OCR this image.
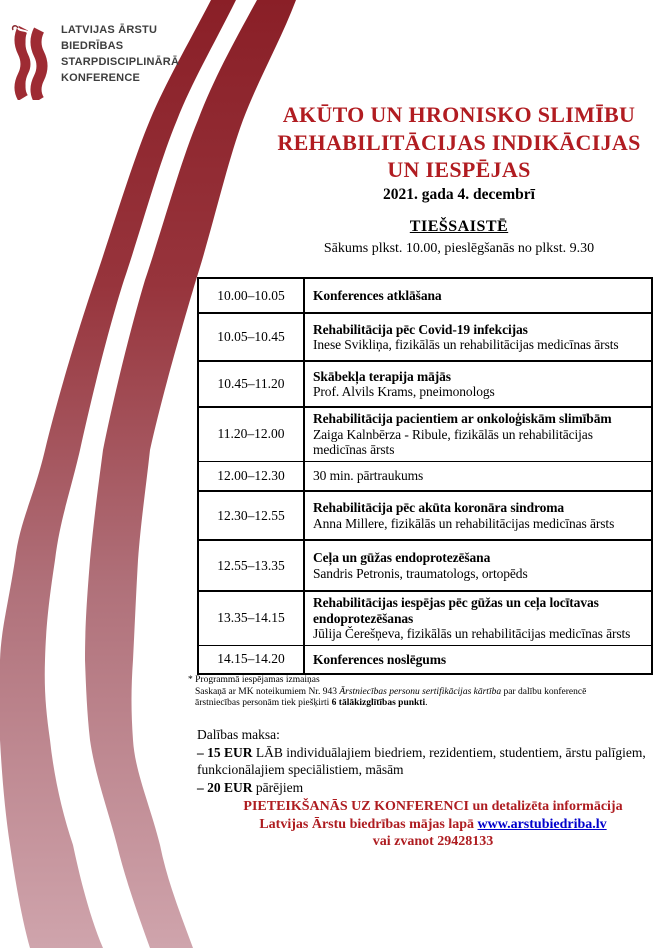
LATVIJAS ĀRSTU
BIEDRĪBAS
STARPDISCIPLINĀRĀ
KONFERENCE
AKŪTO UN HRONISKO SLIMĪBU
REHABILITĀCIJAS INDIKĀCIJAS
UN IESPĒJAS
2021. gada 4. decembrī
TIEŠSAISTĒ
Sākums plkst. 10.00, pieslēgšanās no plkst. 9.30
10.00–10.05	Konferences atklāšana

10.05–10.45	Rehabilitācija pēc Covid-19 infekcijas
Inese Svikliņa, fizikālās un rehabilitācijas medicīnas ārsts

10.45–11.20	Skābekļa terapija mājās
Prof. Alvils Krams, pneimonologs

11.20–12.00	Rehabilitācija pacientiem ar onkoloģiskām slimībām
Zaiga Kalnbērza - Ribule, fizikālās un rehabilitācijas medicīnas ārsts

12.00–12.30	30 min. pārtraukums

12.30–12.55	Rehabilitācija pēc akūta koronāra sindroma
Anna Millere, fizikālās un rehabilitācijas medicīnas ārsts

12.55–13.35	Ceļa un gūžas endoprotezēšana
Sandris Petronis, traumatologs, ortopēds

13.35–14.15	Rehabilitācijas iespējas pēc gūžas un ceļa locītavas endoprotezēšanas
Jūlija Čerešņeva, fizikālās un rehabilitācijas medicīnas ārsts

14.15–14.20	Konferences noslēgums
* Programmā iespējamas izmaiņas
Saskaņā ar MK noteikumiem Nr. 943 Ārstniecības personu sertifikācijas kārtība par dalību konferencē
ārstniecības personām tiek piešķirti 6 tālākizglītības punkti.
Dalības maksa:
– 15 EUR LĀB individuālajiem biedriem, rezidentiem, studentiem, ārstu palīgiem, funkcionālajiem speciālistiem, māsām
– 20 EUR pārējiem
PIETEIKŠANĀS UZ KONFERENCI un detalizēta informācija
Latvijas Ārstu biedrības mājas lapā www.arstubiedriba.lv
vai zvanot 29428133
